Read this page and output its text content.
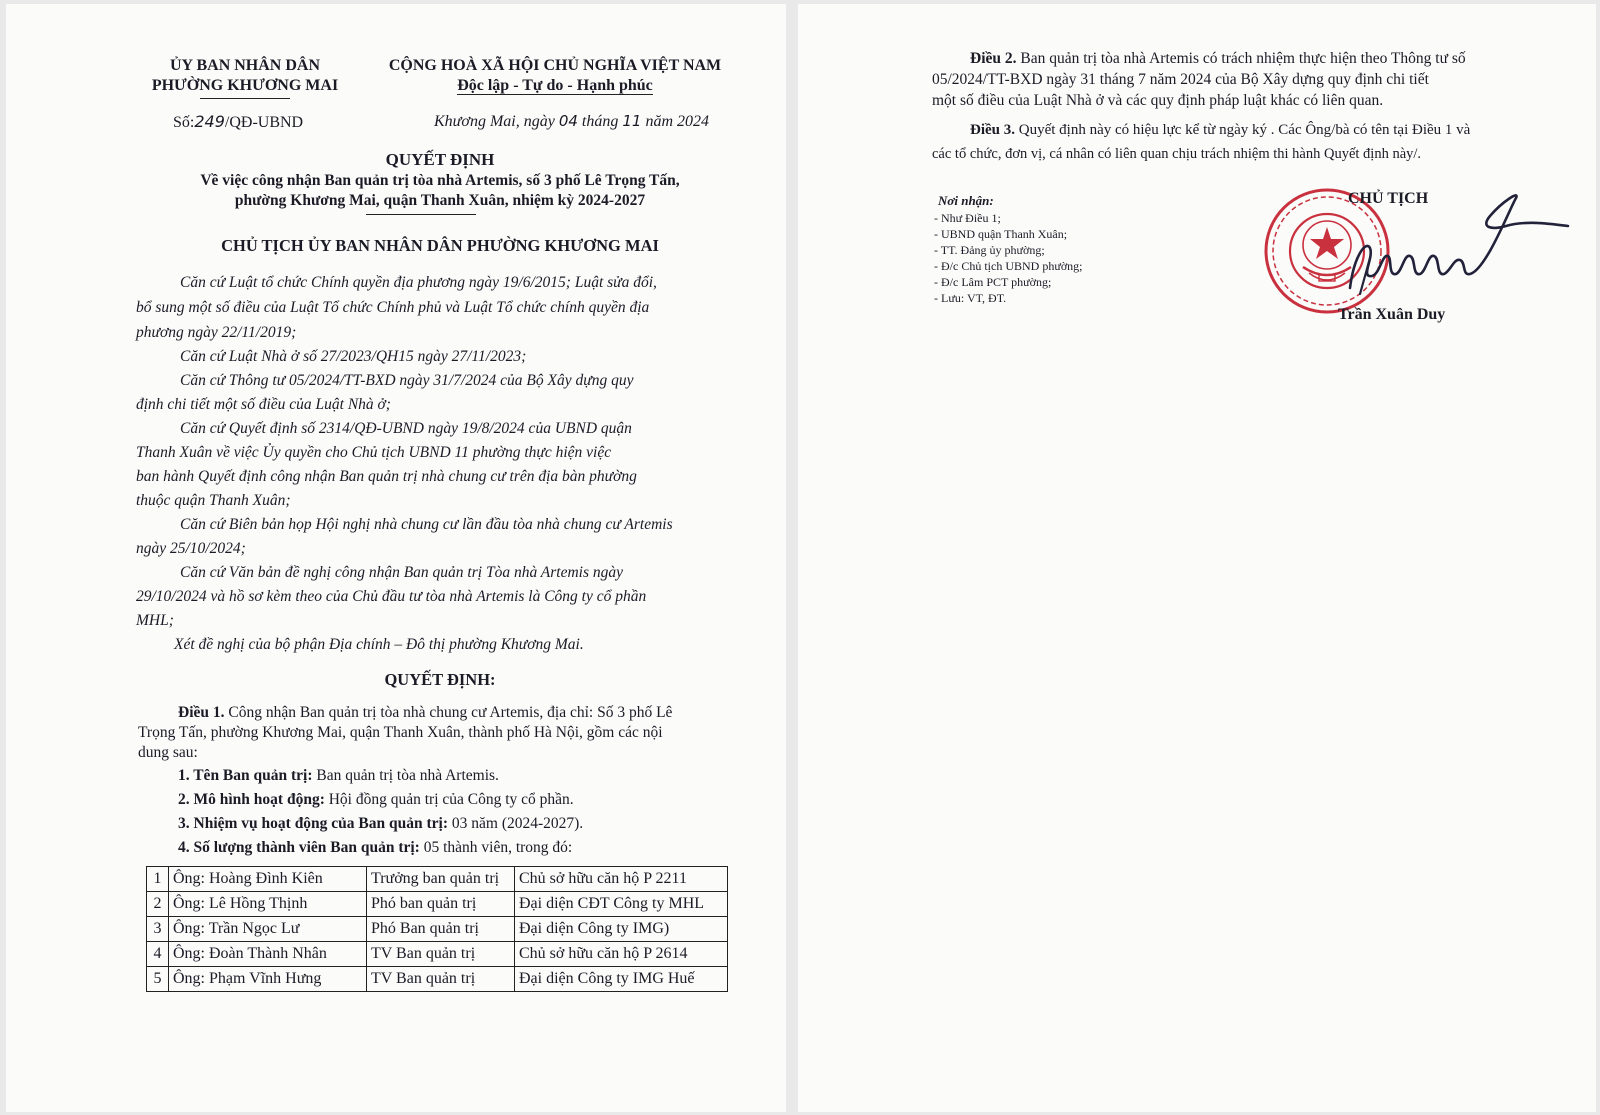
ỦY BAN NHÂN DÂN
PHƯỜNG KHƯƠNG MAI
Số:249/QĐ-UBND
CỘNG HOÀ XÃ HỘI CHỦ NGHĨA VIỆT NAM
Độc lập - Tự do - Hạnh phúc
Khương Mai, ngày 04 tháng 11 năm 2024
QUYẾT ĐỊNH
Về việc công nhận Ban quản trị tòa nhà Artemis, số 3 phố Lê Trọng Tấn,
phường Khương Mai, quận Thanh Xuân, nhiệm kỳ 2024-2027
CHỦ TỊCH ỦY BAN NHÂN DÂN PHƯỜNG KHƯƠNG MAI
Căn cứ Luật tổ chức Chính quyền địa phương ngày 19/6/2015; Luật sửa đổi,
bổ sung một số điều của Luật Tổ chức Chính phủ và Luật Tổ chức chính quyền địa
phương ngày 22/11/2019;
Căn cứ Luật Nhà ở số 27/2023/QH15 ngày 27/11/2023;
Căn cứ Thông tư 05/2024/TT-BXD ngày 31/7/2024 của Bộ Xây dựng quy
định chi tiết một số điều của Luật Nhà ở;
Căn cứ Quyết định số 2314/QĐ-UBND ngày 19/8/2024 của UBND quận
Thanh Xuân về việc Ủy quyền cho Chủ tịch UBND 11 phường thực hiện việc
ban hành Quyết định công nhận Ban quản trị nhà chung cư trên địa bàn phường
thuộc quận Thanh Xuân;
Căn cứ Biên bản họp Hội nghị nhà chung cư lần đầu tòa nhà chung cư Artemis
ngày 25/10/2024;
Căn cứ Văn bản đề nghị công nhận Ban quản trị Tòa nhà Artemis ngày
29/10/2024 và hồ sơ kèm theo của Chủ đầu tư tòa nhà Artemis là Công ty cổ phần
MHL;
Xét đề nghị của bộ phận Địa chính – Đô thị phường Khương Mai.
QUYẾT ĐỊNH:
Điều 1. Công nhận Ban quản trị tòa nhà chung cư Artemis, địa chỉ: Số 3 phố Lê
Trọng Tấn, phường Khương Mai, quận Thanh Xuân, thành phố Hà Nội, gồm các nội
dung sau:
1. Tên Ban quản trị: Ban quản trị tòa nhà Artemis.
2. Mô hình hoạt động: Hội đồng quản trị của Công ty cổ phần.
3. Nhiệm vụ hoạt động của Ban quản trị: 03 năm (2024-2027).
4. Số lượng thành viên Ban quản trị: 05 thành viên, trong đó:
1	Ông: Hoàng Đình Kiên	Trưởng ban quản trị	Chủ sở hữu căn hộ P 2211
2	Ông: Lê Hồng Thịnh	Phó ban quản trị	Đại diện CĐT Công ty MHL
3	Ông: Trần Ngọc Lư	Phó Ban quản trị	Đại diện Công ty IMG)
4	Ông: Đoàn Thành Nhân	TV Ban quản trị	Chủ sở hữu căn hộ P 2614
5	Ông: Phạm Vĩnh Hưng	TV Ban quản trị	Đại diện Công ty IMG Huế
Điều 2. Ban quản trị tòa nhà Artemis có trách nhiệm thực hiện theo Thông tư số
05/2024/TT-BXD ngày 31 tháng 7 năm 2024 của Bộ Xây dựng quy định chi tiết
một số điều của Luật Nhà ở và các quy định pháp luật khác có liên quan.
Điều 3. Quyết định này có hiệu lực kể từ ngày ký . Các Ông/bà có tên tại Điều 1 và
các tổ chức, đơn vị, cá nhân có liên quan chịu trách nhiệm thi hành Quyết định này/.
Nơi nhận:
- Như Điều 1;
- UBND quận Thanh Xuân;
- TT. Đảng ủy phường;
- Đ/c Chủ tịch UBND phường;
- Đ/c Lâm PCT phường;
- Lưu: VT, ĐT.
CHỦ TỊCH
Trần Xuân Duy
